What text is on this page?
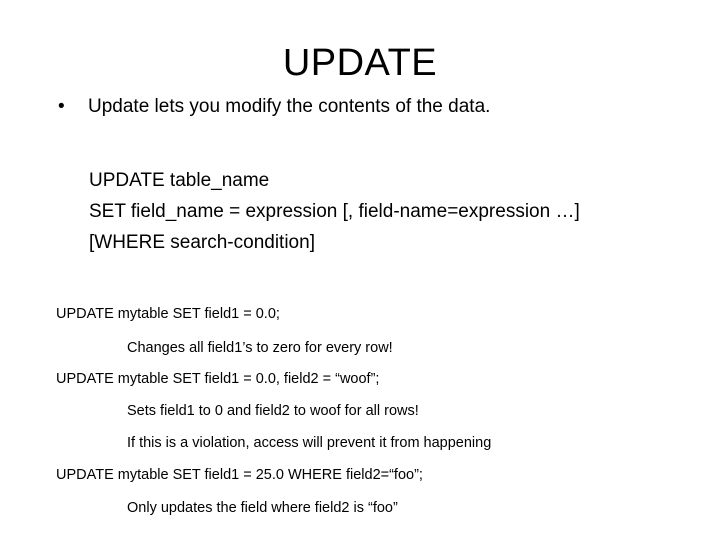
UPDATE
•	Update lets you modify the contents of the data.
UPDATE table_name
SET field_name = expression [, field-name=expression …]
[WHERE search-condition]
UPDATE mytable SET field1 = 0.0;
Changes all field1’s to zero for every row!
UPDATE mytable SET field1 = 0.0, field2 = “woof”;
Sets field1 to 0 and field2 to woof for all rows!
If this is a violation, access will prevent it from happening
UPDATE mytable SET field1 = 25.0 WHERE field2=“foo”;
Only updates the field where field2 is “foo”
